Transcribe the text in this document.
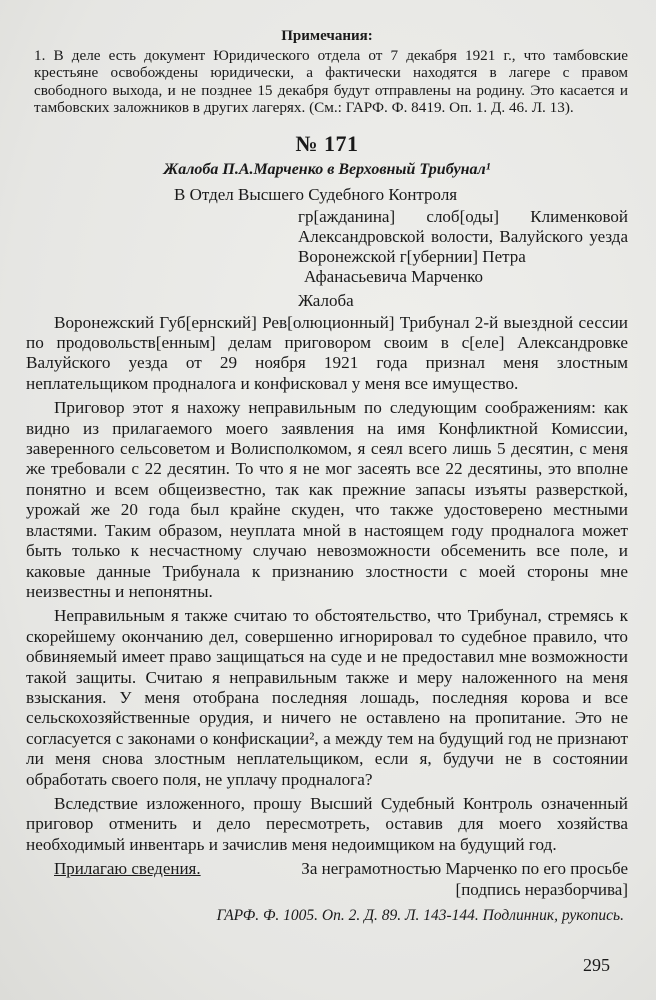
Примечания:

1. В деле есть документ Юридического отдела от 7 декабря 1921 г., что тамбовские крестьяне освобождены юридически, а фактически находятся в лагере с правом свободного выхода, и не позднее 15 декабря будут отправлены на родину. Это касается и тамбовских заложников в других лагерях. (См.: ГАРФ. Ф. 8419. Оп. 1. Д. 46. Л. 13).

№ 171
Жалоба П.А.Марченко в Верховный Трибунал¹
В Отдел Высшего Судебного Контроля
гр[ажданина] слоб[оды] Клименковой Александровской волости, Валуйского уезда Воронежской г[убернии] Петра
Афанасьевича Марченко
Жалоба

Воронежский Губ[ернский] Рев[олюционный] Трибунал 2-й выездной сессии по продовольств[енным] делам приговором своим в с[еле] Александровке Валуйского уезда от 29 ноября 1921 года признал меня злостным неплательщиком продналога и конфисковал у меня все имущество.

Приговор этот я нахожу неправильным по следующим соображениям: как видно из прилагаемого моего заявления на имя Конфликтной Комиссии, заверенного сельсоветом и Волисполкомом, я сеял всего лишь 5 десятин, с меня же требовали с 22 десятин. То что я не мог засеять все 22 десятины, это вполне понятно и всем общеизвестно, так как прежние запасы изъяты разверсткой, урожай же 20 года был крайне скуден, что также удостоверено местными властями. Таким образом, неуплата мной в настоящем году продналога может быть только к несчастному случаю невозможности обсеменить все поле, и каковые данные Трибунала к признанию злостности с моей стороны мне неизвестны и непонятны.

Неправильным я также считаю то обстоятельство, что Трибунал, стремясь к скорейшему окончанию дел, совершенно игнорировал то судебное правило, что обвиняемый имеет право защищаться на суде и не предоставил мне возможности такой защиты. Считаю я неправильным также и меру наложенного на меня взыскания. У меня отобрана последняя лошадь, последняя корова и все сельскохозяйственные орудия, и ничего не оставлено на пропитание. Это не согласуется с законами о конфискации², а между тем на будущий год не признают ли меня снова злостным неплательщиком, если я, будучи не в состоянии обработать своего поля, не уплачу продналога?

Вследствие изложенного, прошу Высший Судебный Контроль означенный приговор отменить и дело пересмотреть, оставив для моего хозяйства необходимый инвентарь и зачислив меня недоимщиком на будущий год.

Прилагаю сведения.	За неграмотностью Марченко по его просьбе
[подпись неразборчива]
ГАРФ. Ф. 1005. Оп. 2. Д. 89. Л. 143-144. Подлинник, рукопись.
295
